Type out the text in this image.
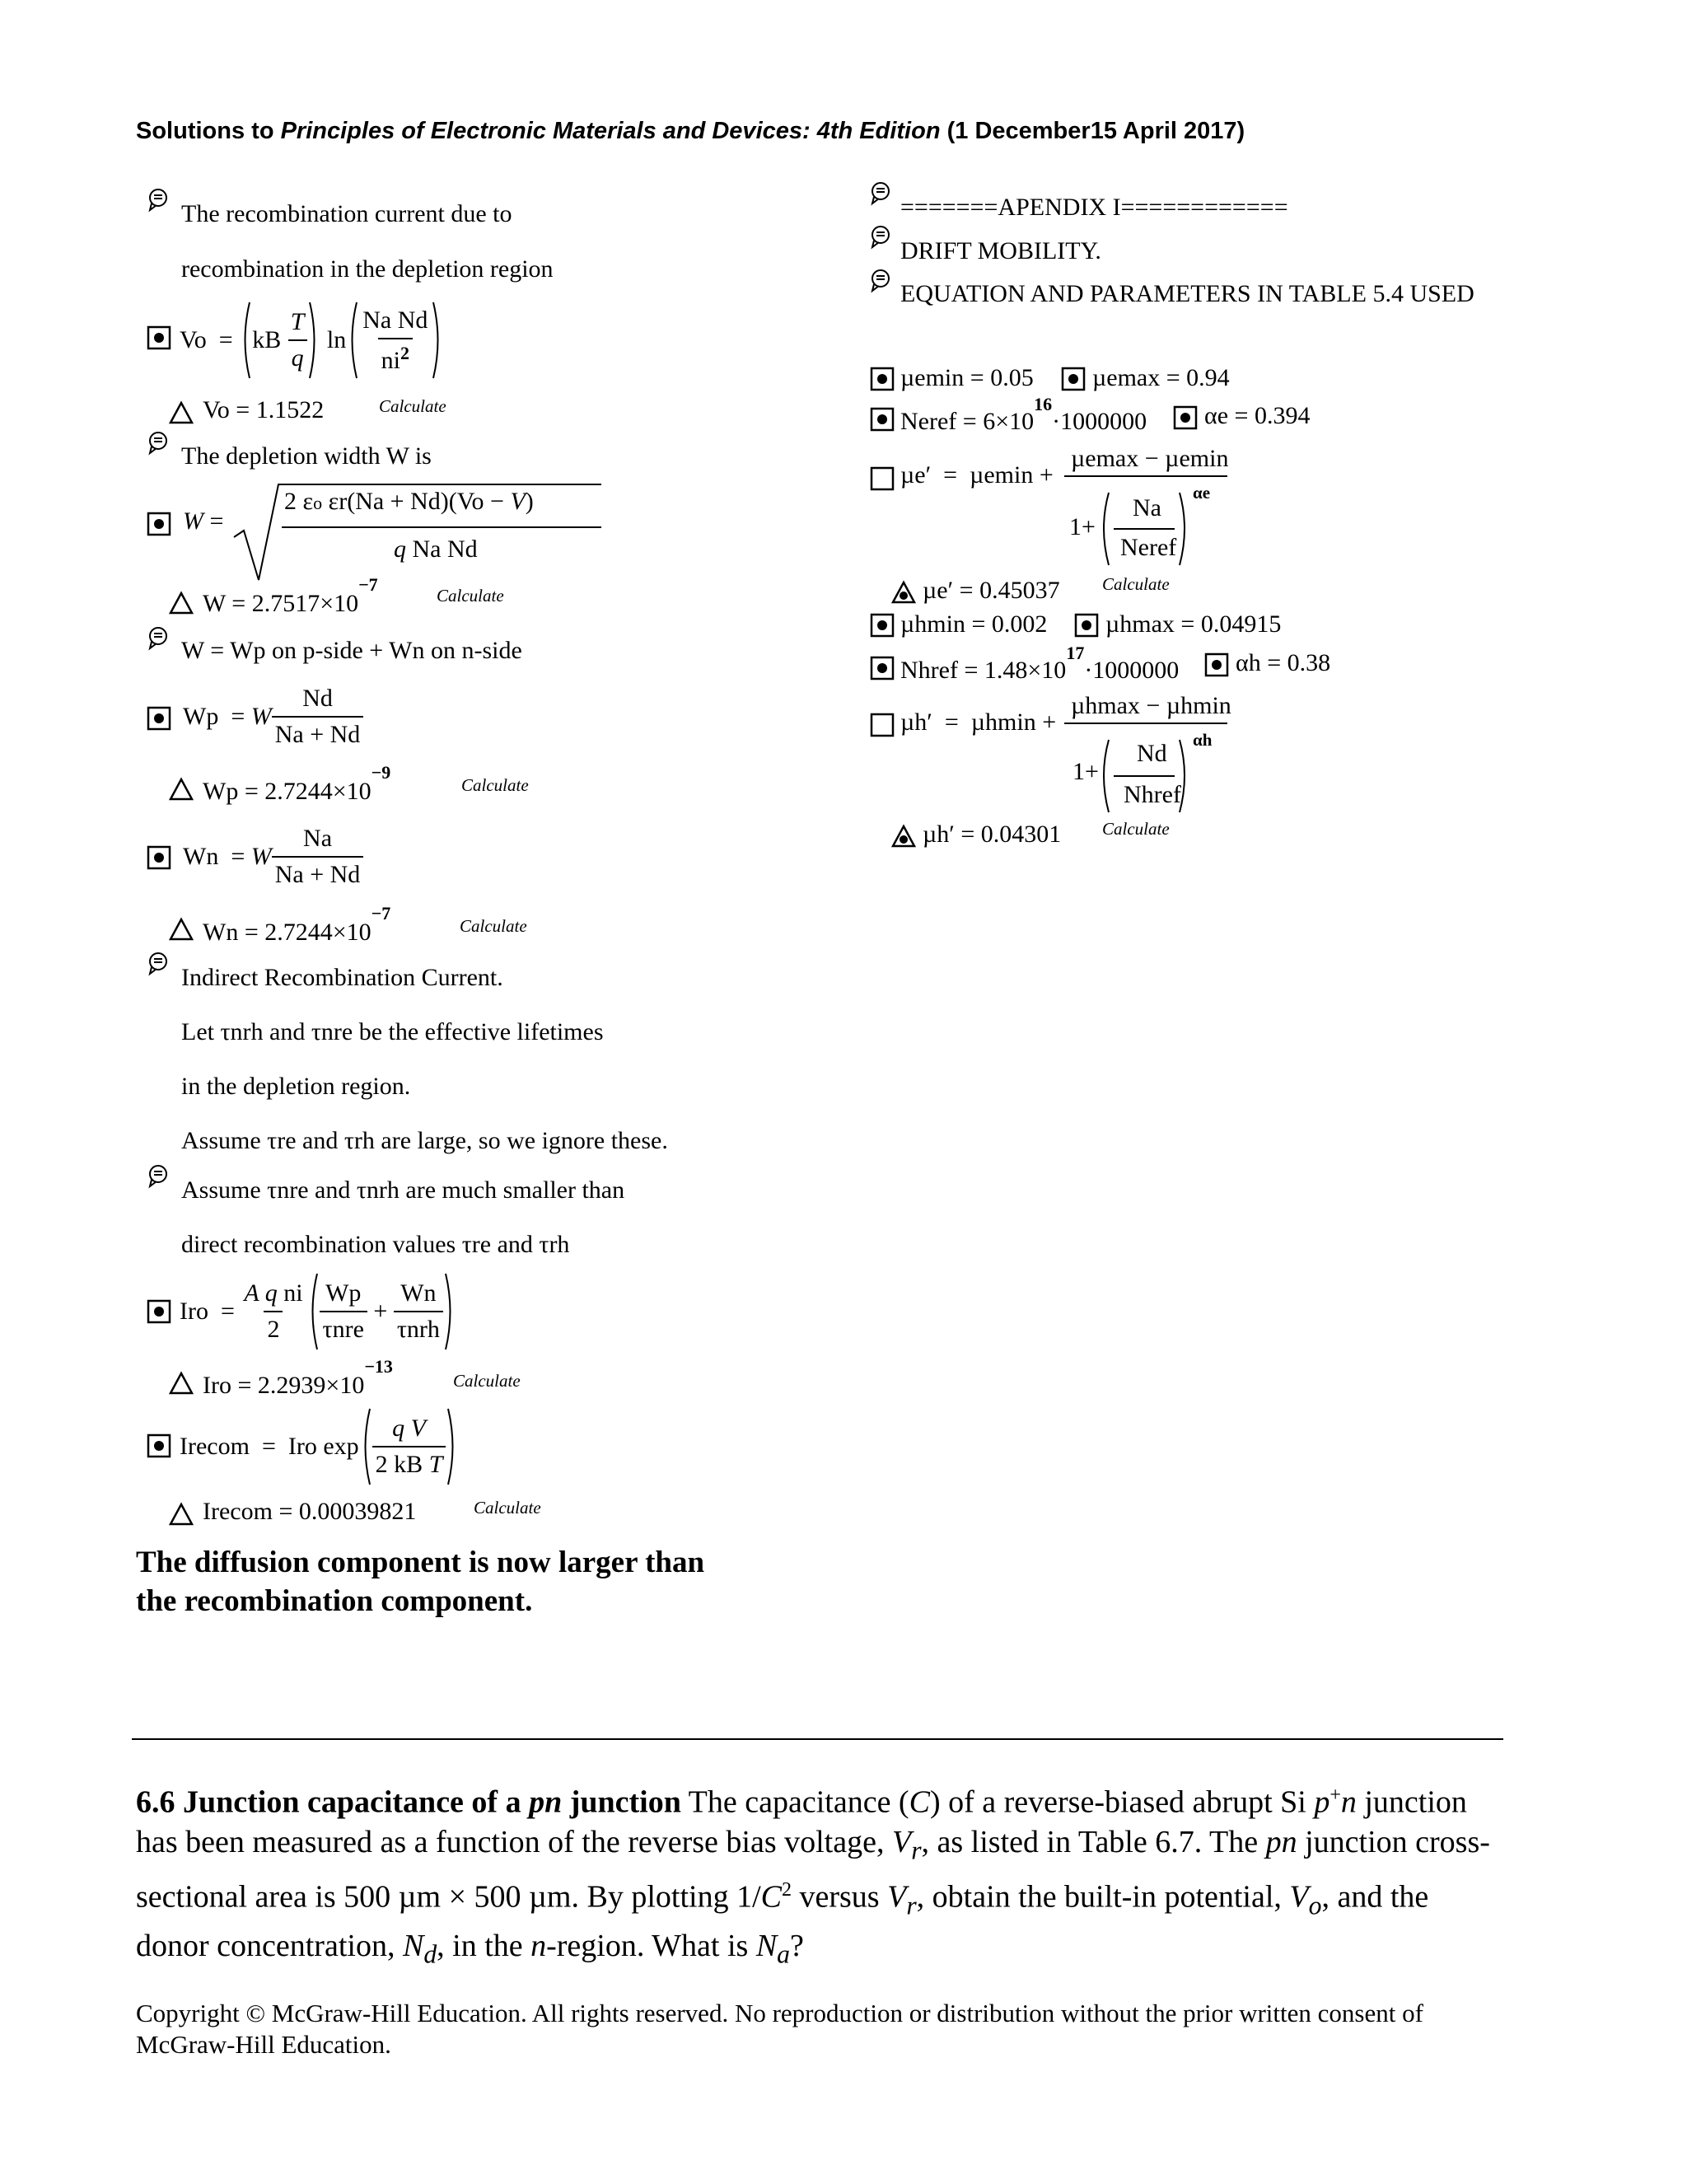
Solutions to Principles of Electronic Materials and Devices: 4th Edition (1 December15 April 2017)
The recombination current due to
recombination in the depletion region
Vo  = kB $\frac{T}{q}$ $\ln \frac{\text{Na Nd}}{ni^2}$
Vo = 1.1522	Calculate
The depletion width W is
W =
2 εo εr(Na + Nd)(Vo − V)
q Na Nd
$W = 2.7517\times 10^{-7}$
Calculate
W = Wp on p-side + Wn on n-side
Wp  = W $\frac{Nd}{Na + Nd}$
$Wp = 2.7244\times 10^{-9}$
Calculate
Wn  = W $\frac{Na}{Na + Nd}$
$Wn = 2.7244\times 10^{-7}$
Calculate
Indirect Recombination Current.
Let τnrh and τnre be the effective lifetimes
in the depletion region.
Assume τre and τrh are large, so we ignore these.
Assume τnre and τnrh are much smaller than
direct recombination values τre and τrh
Iro  = $\frac{\text{A q ni}}{2} \frac{Wp}{\text{τnre}} + \frac{Wn}{\text{τnrh}}$
Iro = $2.2939\times 10^{-13}$
Calculate
Irecom  =  Iro $\exp \frac{\text{q V}}{\text{2 kB T}}$
Irecom = 0.00039821	Calculate
The diffusion component is now larger than
the recombination component.
=======APENDIX I============
DRIFT MOBILITY.
EQUATION AND PARAMETERS IN TABLE 5.4 USED
µemin = 0.05 µemax = 0.94
Neref = $6\times 10^{16}\cdot 1000000$ αe = 0.394
µe′  =  µemin +
µemax − µemin
1+
Na
Neref
αe
µe′ = 0.45037 Calculate
µhmin = 0.002 µhmax = 0.04915
Nhref = $1.48\times 10^{17}\cdot 1000000$ αh = 0.38
µh′  =  µhmin +
µhmax − µhmin
1+
Nd
Nhref
αh
µh′ = 0.04301 Calculate
6.6 Junction capacitance of a pn junction The capacitance (C) of a reverse-biased abrupt Si p+n junction has been measured as a function of the reverse bias voltage, $V_r$, as listed in Table 6.7. The pn junction cross-sectional area is 500 µm × 500 µm. By plotting $1/C^2$ versus $V_r$, obtain the built-in potential, $V_o$, and the donor concentration, $N_d$, in the n-region. What is $N_a$?
Copyright © McGraw-Hill Education. All rights reserved. No reproduction or distribution without the prior written consent of McGraw-Hill Education.
